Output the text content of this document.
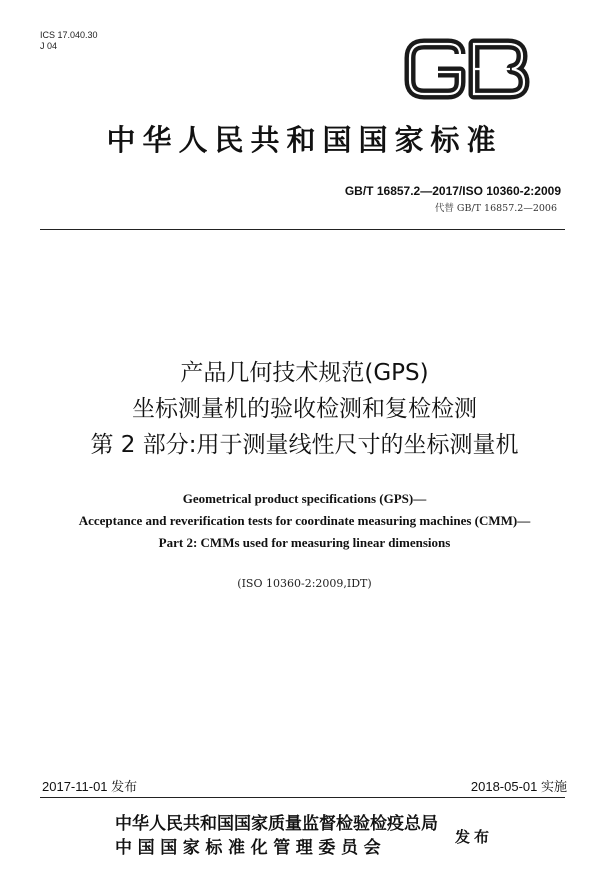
ICS 17.040.30
J 04
中华人民共和国国家标准
GB/T 16857.2—2017/ISO 10360-2:2009
代替 GB/T 16857.2—2006
产品几何技术规范(GPS)
坐标测量机的验收检测和复检检测
第 2 部分:用于测量线性尺寸的坐标测量机
Geometrical product specifications (GPS)—
Acceptance and reverification tests for coordinate measuring machines (CMM)—
Part 2: CMMs used for measuring linear dimensions
(ISO 10360-2:2009,IDT)
2017-11-01 发布	2018-05-01 实施
中华人民共和国国家质量监督检验检疫总局
中国国家标准化管理委员会
发布
